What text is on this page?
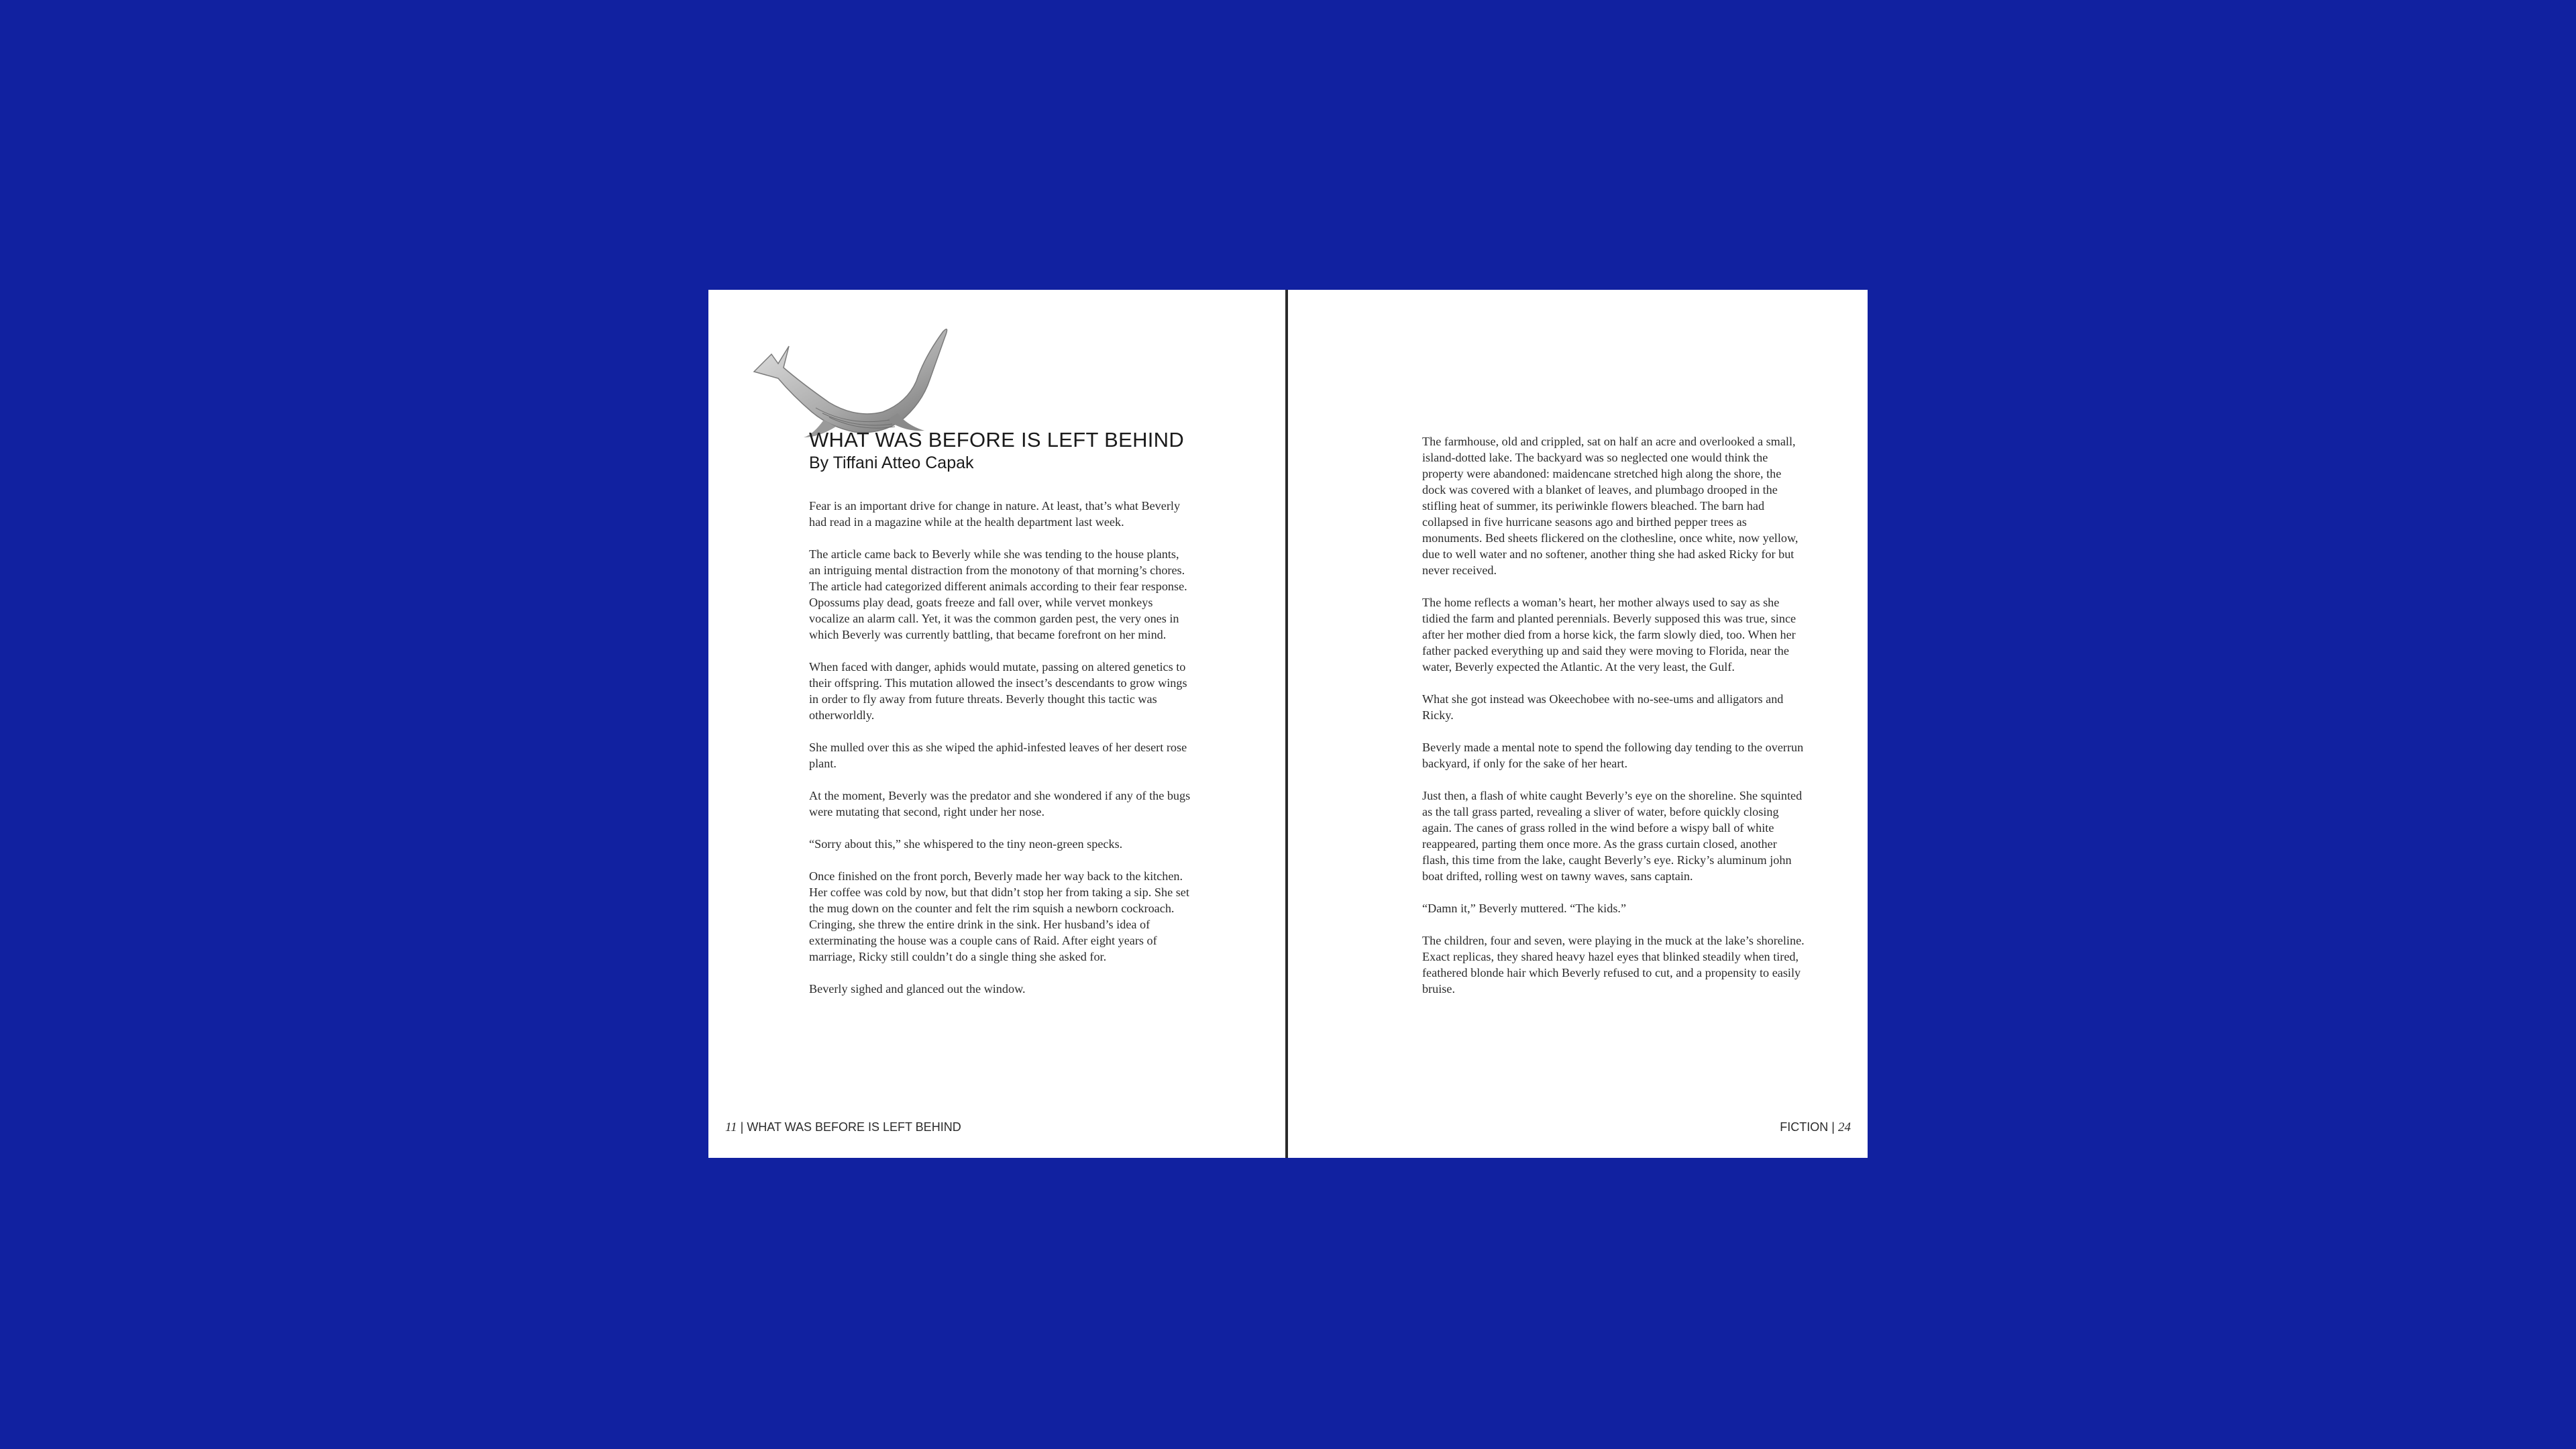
WHAT WAS BEFORE IS LEFT BEHIND
By Tiffani Atteo Capak

Fear is an important drive for change in nature. At least, that’s what Beverly had read in a magazine while at the health department last week.

The article came back to Beverly while she was tending to the house plants, an intriguing mental distraction from the monotony of that morning’s chores. The article had categorized different animals according to their fear response. Opossums play dead, goats freeze and fall over, while vervet monkeys vocalize an alarm call. Yet, it was the common garden pest, the very ones in which Beverly was currently battling, that became forefront on her mind.

When faced with danger, aphids would mutate, passing on altered genetics to their offspring. This mutation allowed the insect’s descendants to grow wings in order to fly away from future threats. Beverly thought this tactic was otherworldly.

She mulled over this as she wiped the aphid-infested leaves of her desert rose plant.

At the moment, Beverly was the predator and she wondered if any of the bugs were mutating that second, right under her nose.

“Sorry about this,” she whispered to the tiny neon-green specks.

Once finished on the front porch, Beverly made her way back to the kitchen. Her coffee was cold by now, but that didn’t stop her from taking a sip. She set the mug down on the counter and felt the rim squish a newborn cockroach. Cringing, she threw the entire drink in the sink. Her husband’s idea of exterminating the house was a couple cans of Raid. After eight years of marriage, Ricky still couldn’t do a single thing she asked for.

Beverly sighed and glanced out the window.

11 | WHAT WAS BEFORE IS LEFT BEHIND

The farmhouse, old and crippled, sat on half an acre and overlooked a small, island-dotted lake. The backyard was so neglected one would think the property were abandoned: maidencane stretched high along the shore, the dock was covered with a blanket of leaves, and plumbago drooped in the stifling heat of summer, its periwinkle flowers bleached. The barn had collapsed in five hurricane seasons ago and birthed pepper trees as monuments. Bed sheets flickered on the clothesline, once white, now yellow, due to well water and no softener, another thing she had asked Ricky for but never received.

The home reflects a woman’s heart, her mother always used to say as she tidied the farm and planted perennials. Beverly supposed this was true, since after her mother died from a horse kick, the farm slowly died, too. When her father packed everything up and said they were moving to Florida, near the water, Beverly expected the Atlantic. At the very least, the Gulf.

What she got instead was Okeechobee with no-see-ums and alligators and Ricky.

Beverly made a mental note to spend the following day tending to the overrun backyard, if only for the sake of her heart.

Just then, a flash of white caught Beverly’s eye on the shoreline. She squinted as the tall grass parted, revealing a sliver of water, before quickly closing again. The canes of grass rolled in the wind before a wispy ball of white reappeared, parting them once more. As the grass curtain closed, another flash, this time from the lake, caught Beverly’s eye. Ricky’s aluminum john boat drifted, rolling west on tawny waves, sans captain.

“Damn it,” Beverly muttered. “The kids.”

The children, four and seven, were playing in the muck at the lake’s shoreline. Exact replicas, they shared heavy hazel eyes that blinked steadily when tired, feathered blonde hair which Beverly refused to cut, and a propensity to easily bruise.

FICTION | 24
